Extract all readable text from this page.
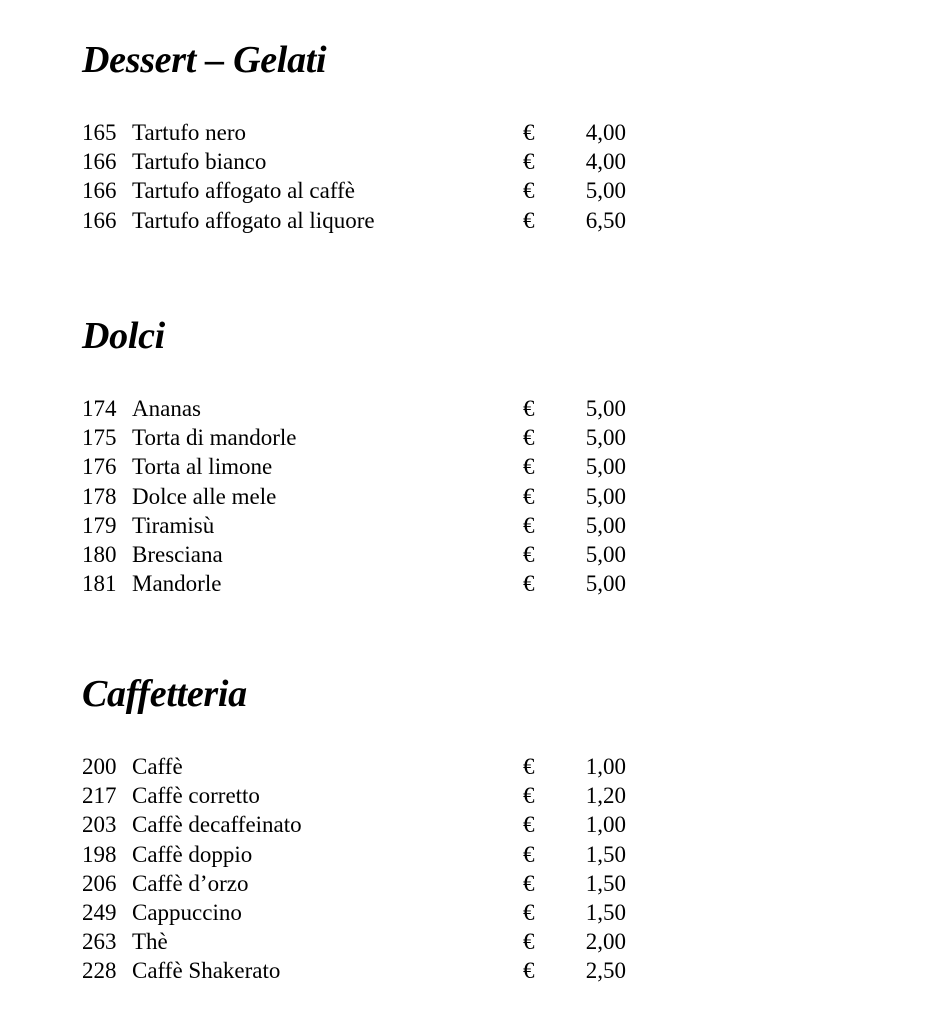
Dessert – Gelati
165 Tartufo nero	€	4,00
166 Tartufo bianco	€	4,00
166 Tartufo affogato al caffè	€	5,00
166 Tartufo affogato al liquore	€	6,50
Dolci
174 Ananas	€	5,00
175 Torta di mandorle	€	5,00
176 Torta al limone	€	5,00
178 Dolce alle mele	€	5,00
179 Tiramisù	€	5,00
180 Bresciana	€	5,00
181 Mandorle	€	5,00
Caffetteria
200 Caffè	€	1,00
217 Caffè corretto	€	1,20
203 Caffè decaffeinato	€	1,00
198 Caffè doppio	€	1,50
206 Caffè d’orzo	€	1,50
249 Cappuccino	€	1,50
263 Thè	€	2,00
228 Caffè Shakerato	€	2,50
